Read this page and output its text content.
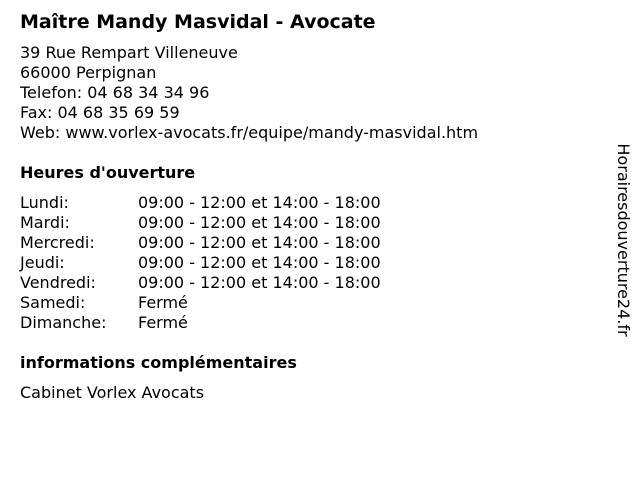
Maître Mandy Masvidal - Avocate
39 Rue Rempart Villeneuve
66000 Perpignan
Telefon: 04 68 34 34 96
Fax: 04 68 35 69 59
Web: www.vorlex-avocats.fr/equipe/mandy-masvidal.htm
Heures d'ouverture
Lundi:	09:00 - 12:00 et 14:00 - 18:00
Mardi:	09:00 - 12:00 et 14:00 - 18:00
Mercredi:	09:00 - 12:00 et 14:00 - 18:00
Jeudi:	09:00 - 12:00 et 14:00 - 18:00
Vendredi:	09:00 - 12:00 et 14:00 - 18:00
Samedi:	Fermé
Dimanche:	Fermé
informations complémentaires
Cabinet Vorlex Avocats
Horairesdouverture24.fr
